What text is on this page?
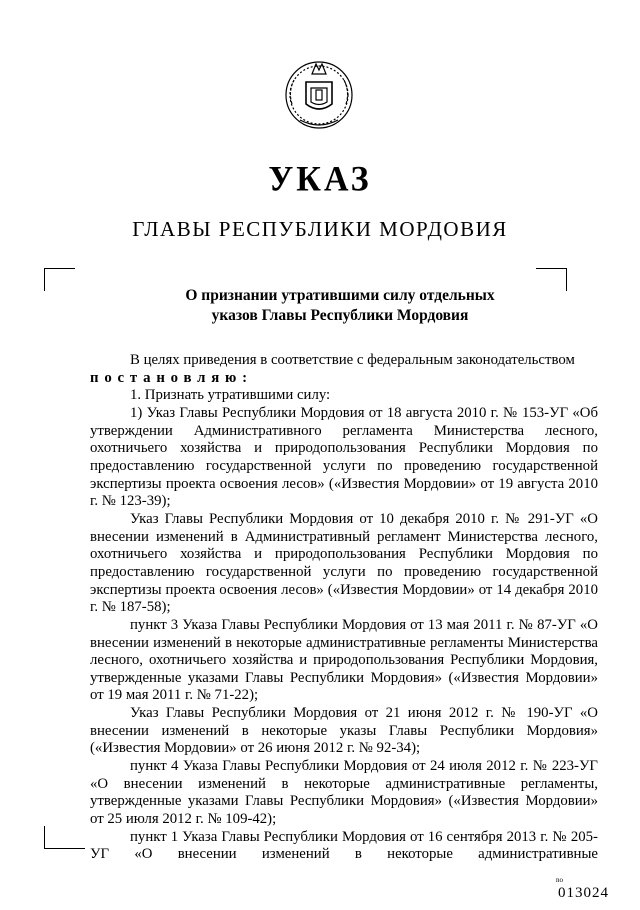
УКАЗ
ГЛАВЫ РЕСПУБЛИКИ МОРДОВИЯ
О признании утратившими силу отдельных
указов Главы Республики Мордовия

В целях приведения в соответствие с федеральным законодательством

постановляю:

1. Признать утратившими силу:

1) Указ Главы Республики Мордовия от 18 августа 2010 г. № 153-УГ «Об утверждении Административного регламента Министерства лесного, охотничьего хозяйства и природопользования Республики Мордовия по предоставлению государственной услуги по проведению государственной экспертизы проекта освоения лесов» («Известия Мордовии» от 19 августа 2010 г. № 123-39);

Указ Главы Республики Мордовия от 10 декабря 2010 г. № 291-УГ «О внесении изменений в Административный регламент Министерства лесного, охотничьего хозяйства и природопользования Республики Мордовия по предоставлению государственной услуги по проведению государственной экспертизы проекта освоения лесов» («Известия Мордовии» от 14 декабря 2010 г. № 187-58);

пункт 3 Указа Главы Республики Мордовия от 13 мая 2011 г. № 87-УГ «О внесении изменений в некоторые административные регламенты Министерства лесного, охотничьего хозяйства и природопользования Республики Мордовия, утвержденные указами Главы Республики Мордовия» («Известия Мордовии» от 19 мая 2011 г. № 71-22);

Указ Главы Республики Мордовия от 21 июня 2012 г. № 190-УГ «О внесении изменений в некоторые указы Главы Республики Мордовия» («Известия Мордовии» от 26 июня 2012 г. № 92-34);

пункт 4 Указа Главы Республики Мордовия от 24 июля 2012 г. № 223-УГ «О внесении изменений в некоторые административные регламенты, утвержденные указами Главы Республики Мордовия» («Известия Мордовии» от 25 июля 2012 г. № 109-42);

пункт 1 Указа Главы Республики Мордовия от 16 сентября 2013 г. № 205-УГ «О внесении изменений в некоторые административные

no
013024
